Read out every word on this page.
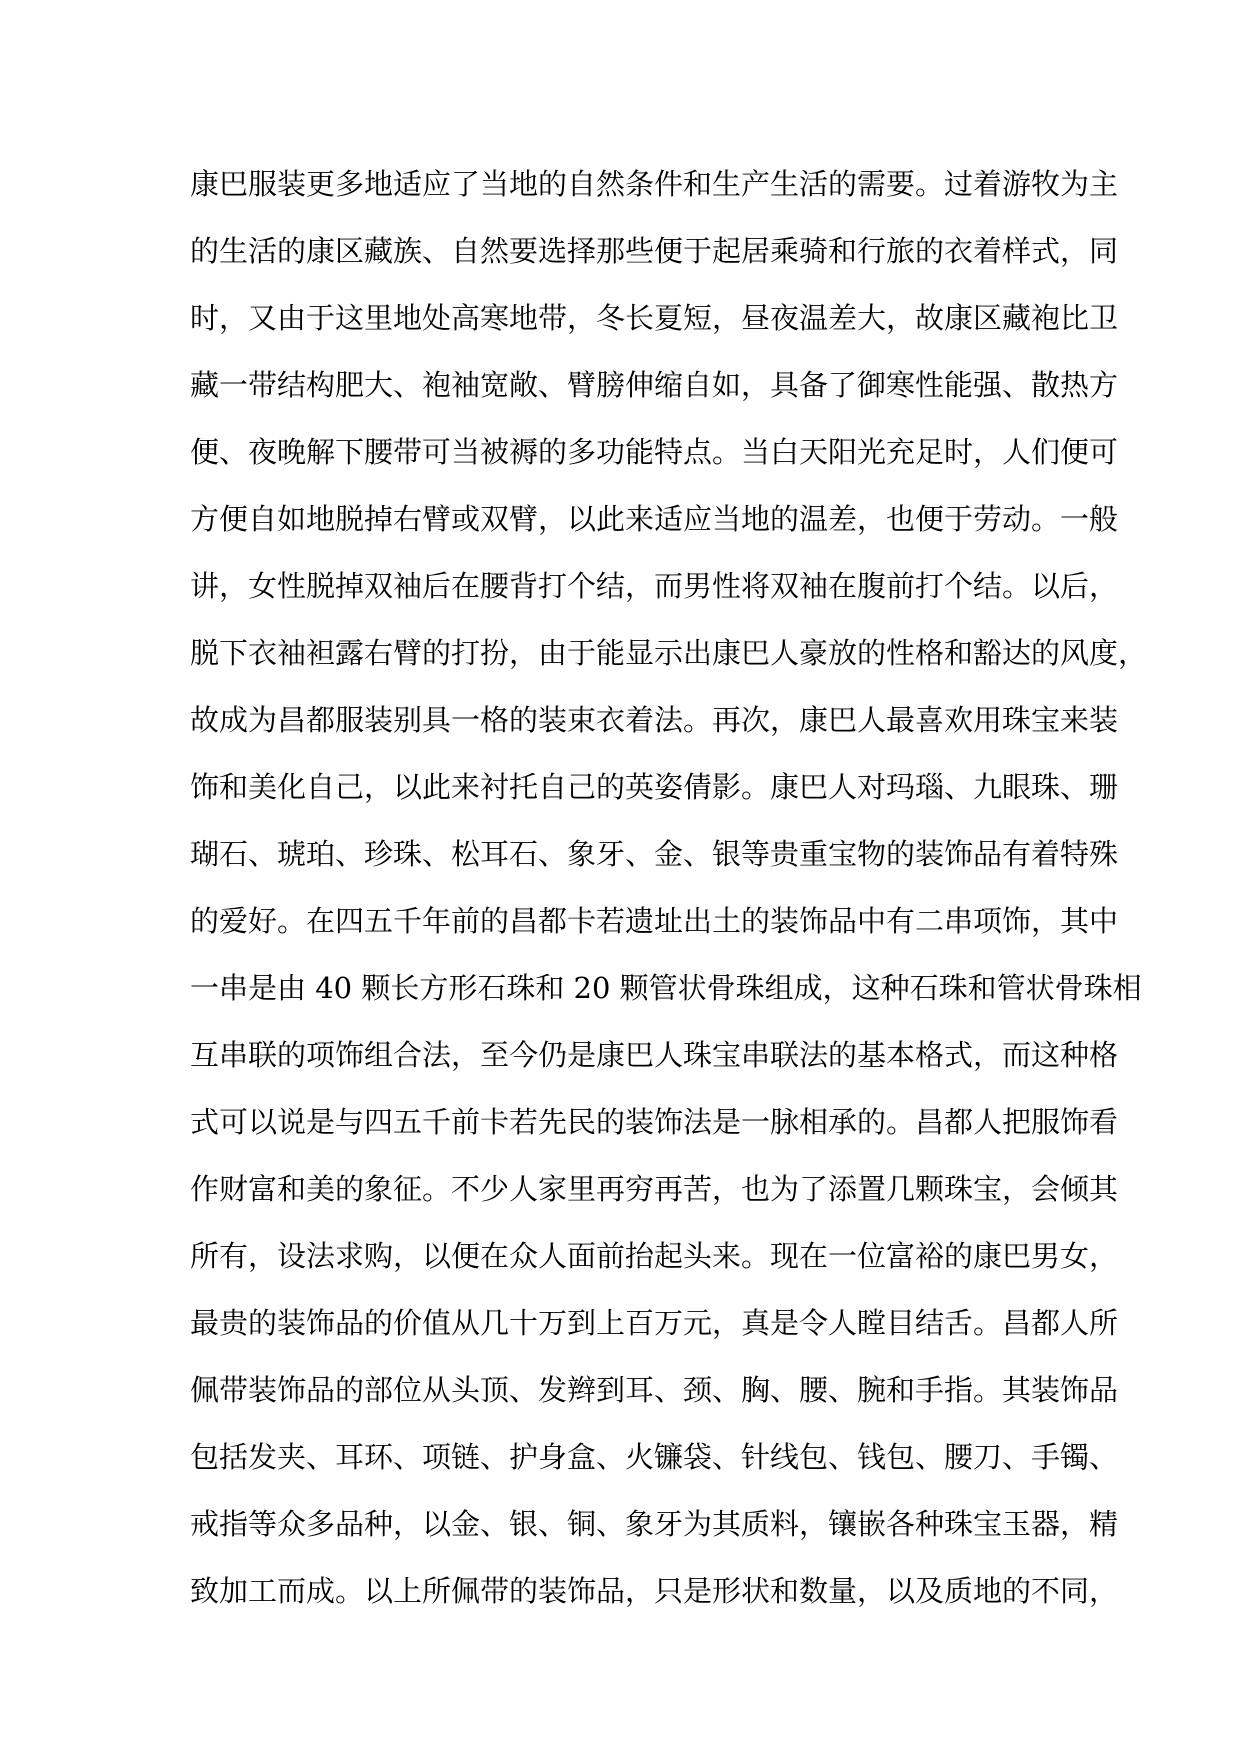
康巴服装更多地适应了当地的自然条件和生产生活的需要。过着游牧为主
的生活的康区藏族、自然要选择那些便于起居乘骑和行旅的衣着样式，同
时，又由于这里地处高寒地带，冬长夏短，昼夜温差大，故康区藏袍比卫
藏一带结构肥大、袍袖宽敞、臂膀伸缩自如，具备了御寒性能强、散热方
便、夜晚解下腰带可当被褥的多功能特点。当白天阳光充足时，人们便可
方便自如地脱掉右臂或双臂，以此来适应当地的温差，也便于劳动。一般
讲，女性脱掉双袖后在腰背打个结，而男性将双袖在腹前打个结。以后，
脱下衣袖袒露右臂的打扮，由于能显示出康巴人豪放的性格和豁达的风度，
故成为昌都服装别具一格的装束衣着法。再次，康巴人最喜欢用珠宝来装
饰和美化自己，以此来衬托自己的英姿倩影。康巴人对玛瑙、九眼珠、珊
瑚石、琥珀、珍珠、松耳石、象牙、金、银等贵重宝物的装饰品有着特殊
的爱好。在四五千年前的昌都卡若遗址出土的装饰品中有二串项饰，其中
一串是由 40 颗长方形石珠和 20 颗管状骨珠组成，这种石珠和管状骨珠相
互串联的项饰组合法，至今仍是康巴人珠宝串联法的基本格式，而这种格
式可以说是与四五千前卡若先民的装饰法是一脉相承的。昌都人把服饰看
作财富和美的象征。不少人家里再穷再苦，也为了添置几颗珠宝，会倾其
所有，设法求购，以便在众人面前抬起头来。现在一位富裕的康巴男女，
最贵的装饰品的价值从几十万到上百万元，真是令人瞠目结舌。昌都人所
佩带装饰品的部位从头顶、发辫到耳、颈、胸、腰、腕和手指。其装饰品
包括发夹、耳环、项链、护身盒、火镰袋、针线包、钱包、腰刀、手镯、
戒指等众多品种，以金、银、铜、象牙为其质料，镶嵌各种珠宝玉器，精
致加工而成。以上所佩带的装饰品，只是形状和数量，以及质地的不同，
